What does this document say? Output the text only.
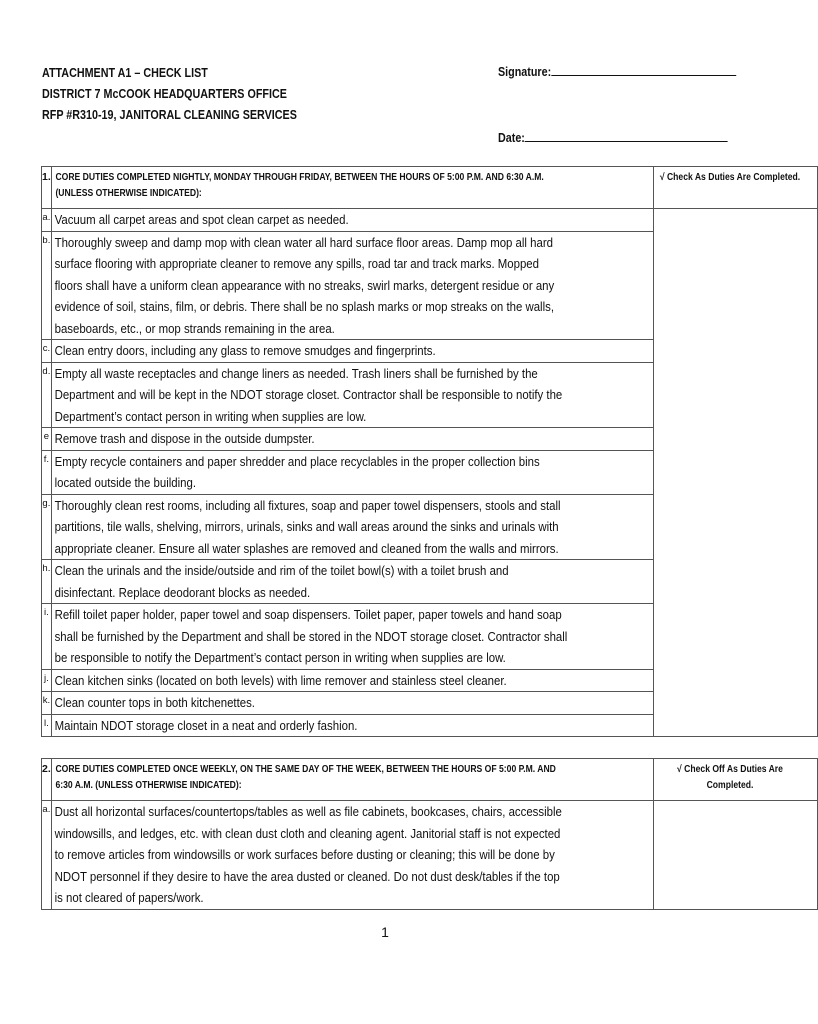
ATTACHMENT A1 – CHECK LIST
DISTRICT 7 McCOOK HEADQUARTERS OFFICE
RFP #R310-19, JANITORAL CLEANING SERVICES
Signature:
Date:
1.	CORE DUTIES COMPLETED NIGHTLY, MONDAY THROUGH FRIDAY, BETWEEN THE HOURS OF 5:00 P.M. AND 6:30 A.M. (UNLESS OTHERWISE INDICATED):	√ Check As Duties Are Completed.

a.	Vacuum all carpet areas and spot clean carpet as needed.	

b.	Thoroughly sweep and damp mop with clean water all hard surface floor areas. Damp mop all hard surface flooring with appropriate cleaner to remove any spills, road tar and track marks. Mopped floors shall have a uniform clean appearance with no streaks, swirl marks, detergent residue or any evidence of soil, stains, film, or debris. There shall be no splash marks or mop streaks on the walls, baseboards, etc., or mop strands remaining in the area.	

c.	Clean entry doors, including any glass to remove smudges and fingerprints.	

d.	Empty all waste receptacles and change liners as needed. Trash liners shall be furnished by the Department and will be kept in the NDOT storage closet. Contractor shall be responsible to notify the Department’s contact person in writing when supplies are low.	

e	Remove trash and dispose in the outside dumpster.	

f.	Empty recycle containers and paper shredder and place recyclables in the proper collection bins located outside the building.	

g.	Thoroughly clean rest rooms, including all fixtures, soap and paper towel dispensers, stools and stall partitions, tile walls, shelving, mirrors, urinals, sinks and wall areas around the sinks and urinals with appropriate cleaner. Ensure all water splashes are removed and cleaned from the walls and mirrors.	

h.	Clean the urinals and the inside/outside and rim of the toilet bowl(s) with a toilet brush and disinfectant. Replace deodorant blocks as needed.	

i.	Refill toilet paper holder, paper towel and soap dispensers. Toilet paper, paper towels and hand soap shall be furnished by the Department and shall be stored in the NDOT storage closet. Contractor shall be responsible to notify the Department’s contact person in writing when supplies are low.	

j.	Clean kitchen sinks (located on both levels) with lime remover and stainless steel cleaner.	

k.	Clean counter tops in both kitchenettes.	

l.	Maintain NDOT storage closet in a neat and orderly fashion.	
2.	CORE DUTIES COMPLETED ONCE WEEKLY, ON THE SAME DAY OF THE WEEK, BETWEEN THE HOURS OF 5:00 P.M. AND 6:30 A.M. (UNLESS OTHERWISE INDICATED):	√ Check Off As Duties Are Completed.

a.	Dust all horizontal surfaces/countertops/tables as well as file cabinets, bookcases, chairs, accessible windowsills, and ledges, etc. with clean dust cloth and cleaning agent. Janitorial staff is not expected to remove articles from windowsills or work surfaces before dusting or cleaning; this will be done by NDOT personnel if they desire to have the area dusted or cleaned. Do not dust desk/tables if the top is not cleared of papers/work.	

1
